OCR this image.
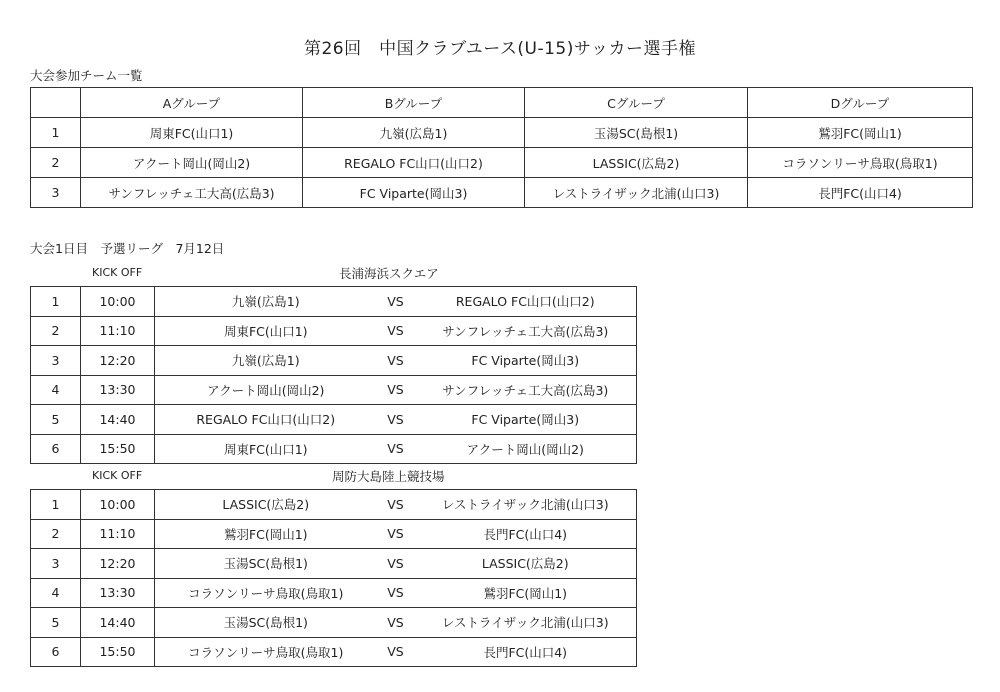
第26回　中国クラブユース(U-15)サッカー選手権
大会参加チーム一覧
	Aグループ	Bグループ	Cグループ	Dグループ
1	周東FC(山口1)	九嶺(広島1)	玉湯SC(島根1)	鷲羽FC(岡山1)
2	アクート岡山(岡山2)	REGALO FC山口(山口2)	LASSIC(広島2)	コラソンリーサ鳥取(鳥取1)
3	サンフレッチェ工大高(広島3)	FC Viparte(岡山3)	レストライザック北浦(山口3)	長門FC(山口4)
大会1日目　予選リーグ　7月12日
KICK OFF	長浦海浜スクエア
1	10:00	九嶺(広島1)	VS	REGALO FC山口(山口2)
2	11:10	周東FC(山口1)	VS	サンフレッチェ工大高(広島3)
3	12:20	九嶺(広島1)	VS	FC Viparte(岡山3)
4	13:30	アクート岡山(岡山2)	VS	サンフレッチェ工大高(広島3)
5	14:40	REGALO FC山口(山口2)	VS	FC Viparte(岡山3)
6	15:50	周東FC(山口1)	VS	アクート岡山(岡山2)
KICK OFF	周防大島陸上競技場
1	10:00	LASSIC(広島2)	VS	レストライザック北浦(山口3)
2	11:10	鷲羽FC(岡山1)	VS	長門FC(山口4)
3	12:20	玉湯SC(島根1)	VS	LASSIC(広島2)
4	13:30	コラソンリーサ鳥取(鳥取1)	VS	鷲羽FC(岡山1)
5	14:40	玉湯SC(島根1)	VS	レストライザック北浦(山口3)
6	15:50	コラソンリーサ鳥取(鳥取1)	VS	長門FC(山口4)
